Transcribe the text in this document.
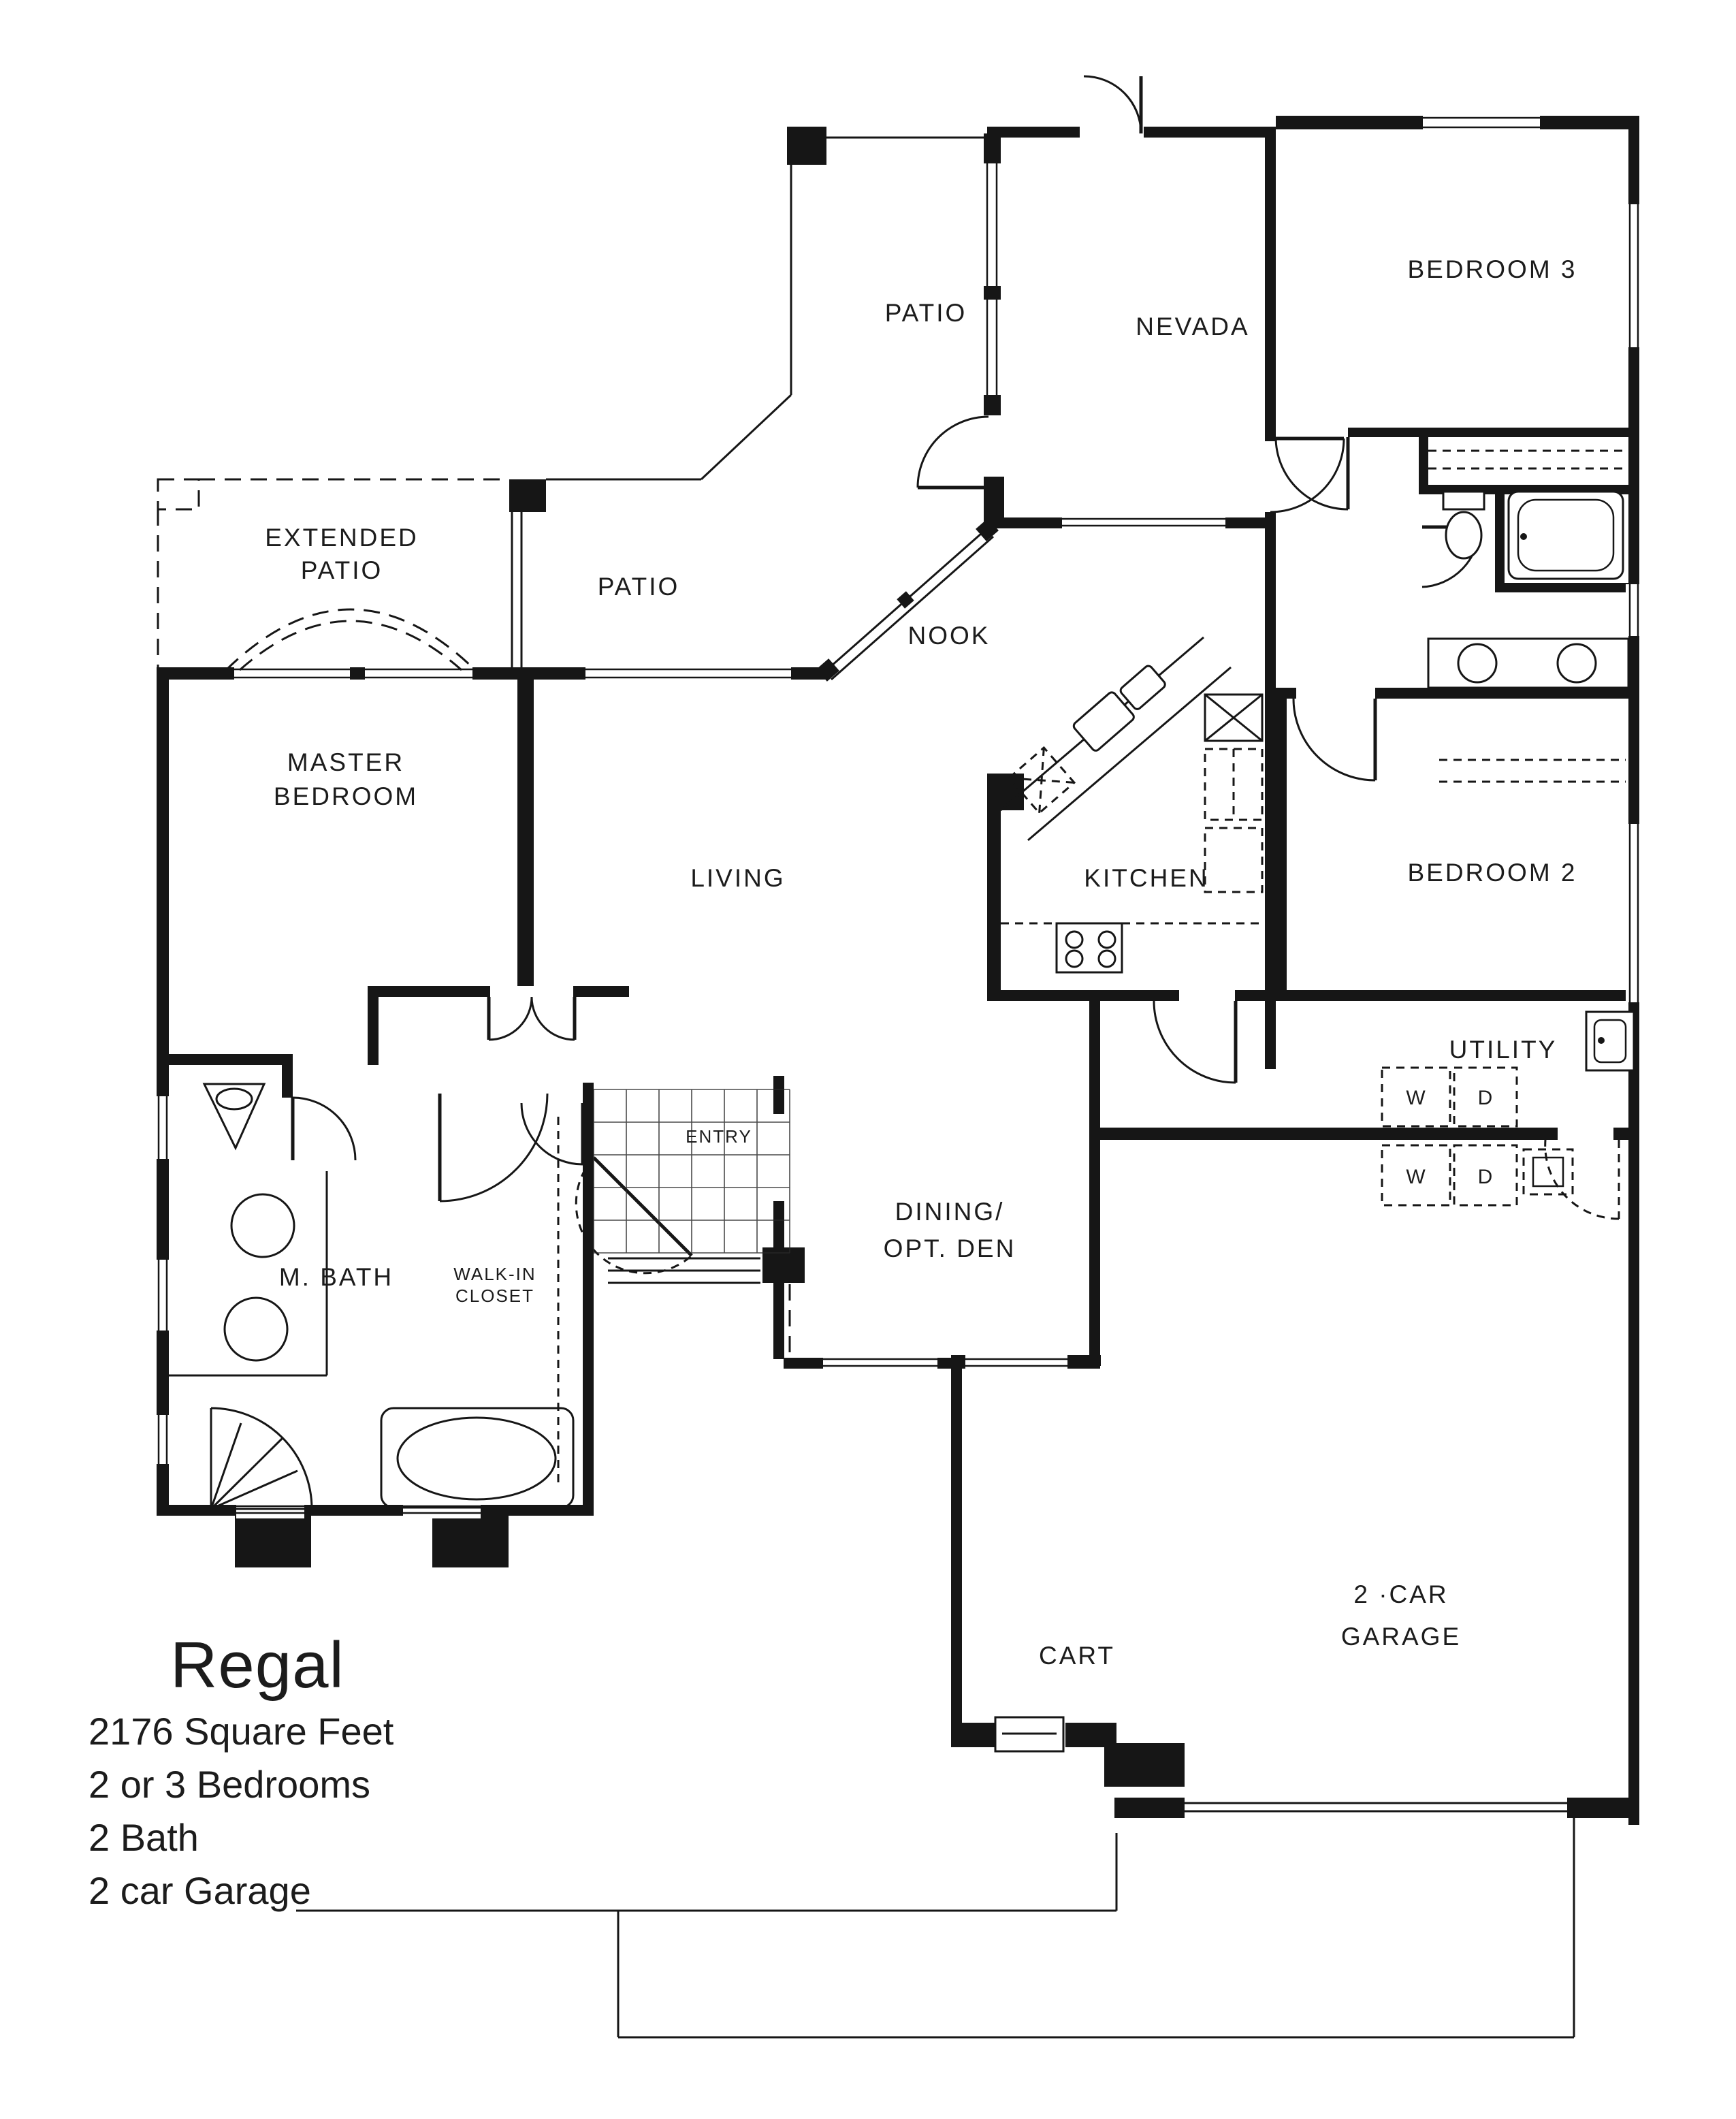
PATIO	NEVADA
BEDROOM 3
EXTENDED
PATIO
PATIO
NOOK
MASTER
BEDROOM
LIVING	KITCHEN	BEDROOM 2
UTILITY
ENTRY
DINING/
OPT. DEN
M. BATH	WALK-IN
CLOSET
W	D
W	D
CART
2 ·CAR
GARAGE
Regal
2176 Square Feet
2 or 3 Bedrooms
2 Bath
2 car Garage
